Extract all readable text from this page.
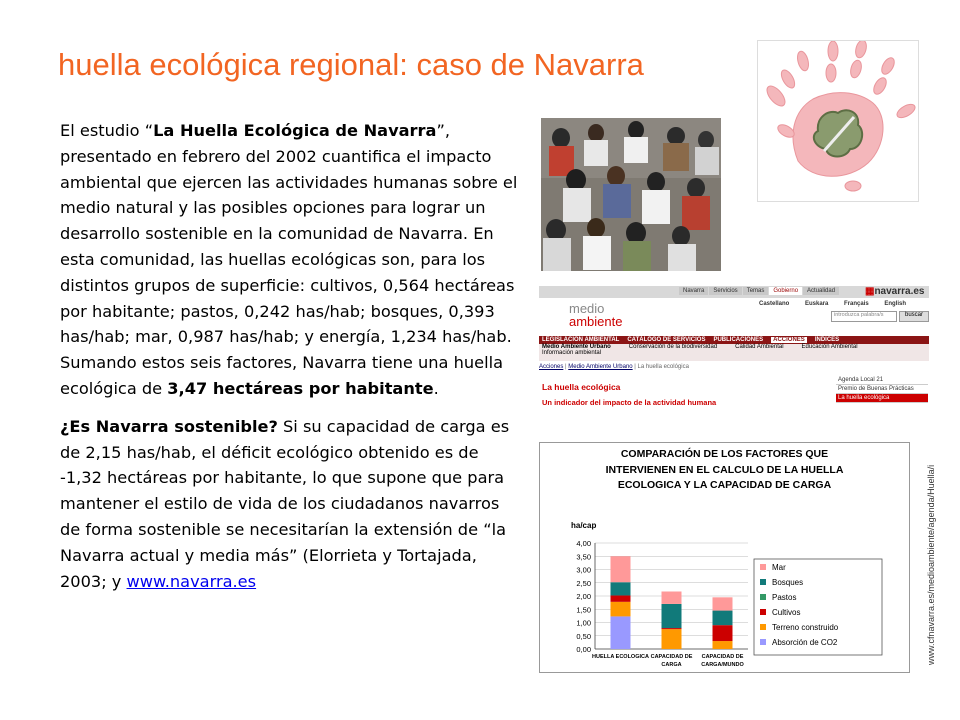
huella ecológica regional: caso de Navarra

El estudio “La Huella Ecológica de Navarra”, presentado en febrero del 2002 cuantifica el impacto ambiental que ejercen las actividades humanas sobre el medio natural y las posibles opciones para lograr un desarrollo sostenible en la comunidad de Navarra. En esta comunidad, las huellas ecológicas son, para los distintos grupos de superficie: cultivos, 0,564 hectáreas por habitante; pastos, 0,242 has/hab; bosques, 0,393 has/hab; mar, 0,987 has/hab; y energía, 1,234 has/hab. Sumando estos seis factores, Navarra tiene una huella ecológica de 3,47 hectáreas por habitante.

¿Es Navarra sostenible? Si su capacidad de carga es de 2,15 has/hab, el déficit ecológico obtenido es de -1,32 hectáreas por habitante, lo que supone que para mantener el estilo de vida de los ciudadanos navarros de forma sostenible se necesitarían la extensión de “la Navarra actual y media más” (Elorrieta y Tortajada, 2003; y www.navarra.es

Navarra Servicios Temas Gobierno Actualidad	▦navarra.es
medio
ambiente
Castellano Euskara Français English
introduzca palabra/s	buscar
LEGISLACIÓN AMBIENTAL CATÁLOGO DE SERVICIOS PUBLICACIONES ACCIONES INDICES
Medio Ambiente Urbano	Conservación de la biodiversidad	Calidad Ambiental	Educación Ambiental
Información ambiental
Acciones | Medio Ambiente Urbano | La huella ecológica
La huella ecológica
Un indicador del impacto de la actividad humana
Agenda Local 21
Premio de Buenas Prácticas
La huella ecológica
COMPARACIÓN DE LOS FACTORES QUE
INTERVIENEN EN EL CALCULO DE LA HUELLA
ECOLOGICA Y LA CAPACIDAD DE CARGA
ha/cap
4,00
3,50
3,00
2,50
2,00
1,50
1,00
0,50
0,00
HUELLA ECOLOGICA CAPACIDAD DE
CARGA
CAPACIDAD DE
CARGA/MUNDO
Mar
Bosques
Pastos
Cultivos
Terreno construido
Absorción de CO2	www.cfnavarra.es/medioambiente/agenda/Huella/i
